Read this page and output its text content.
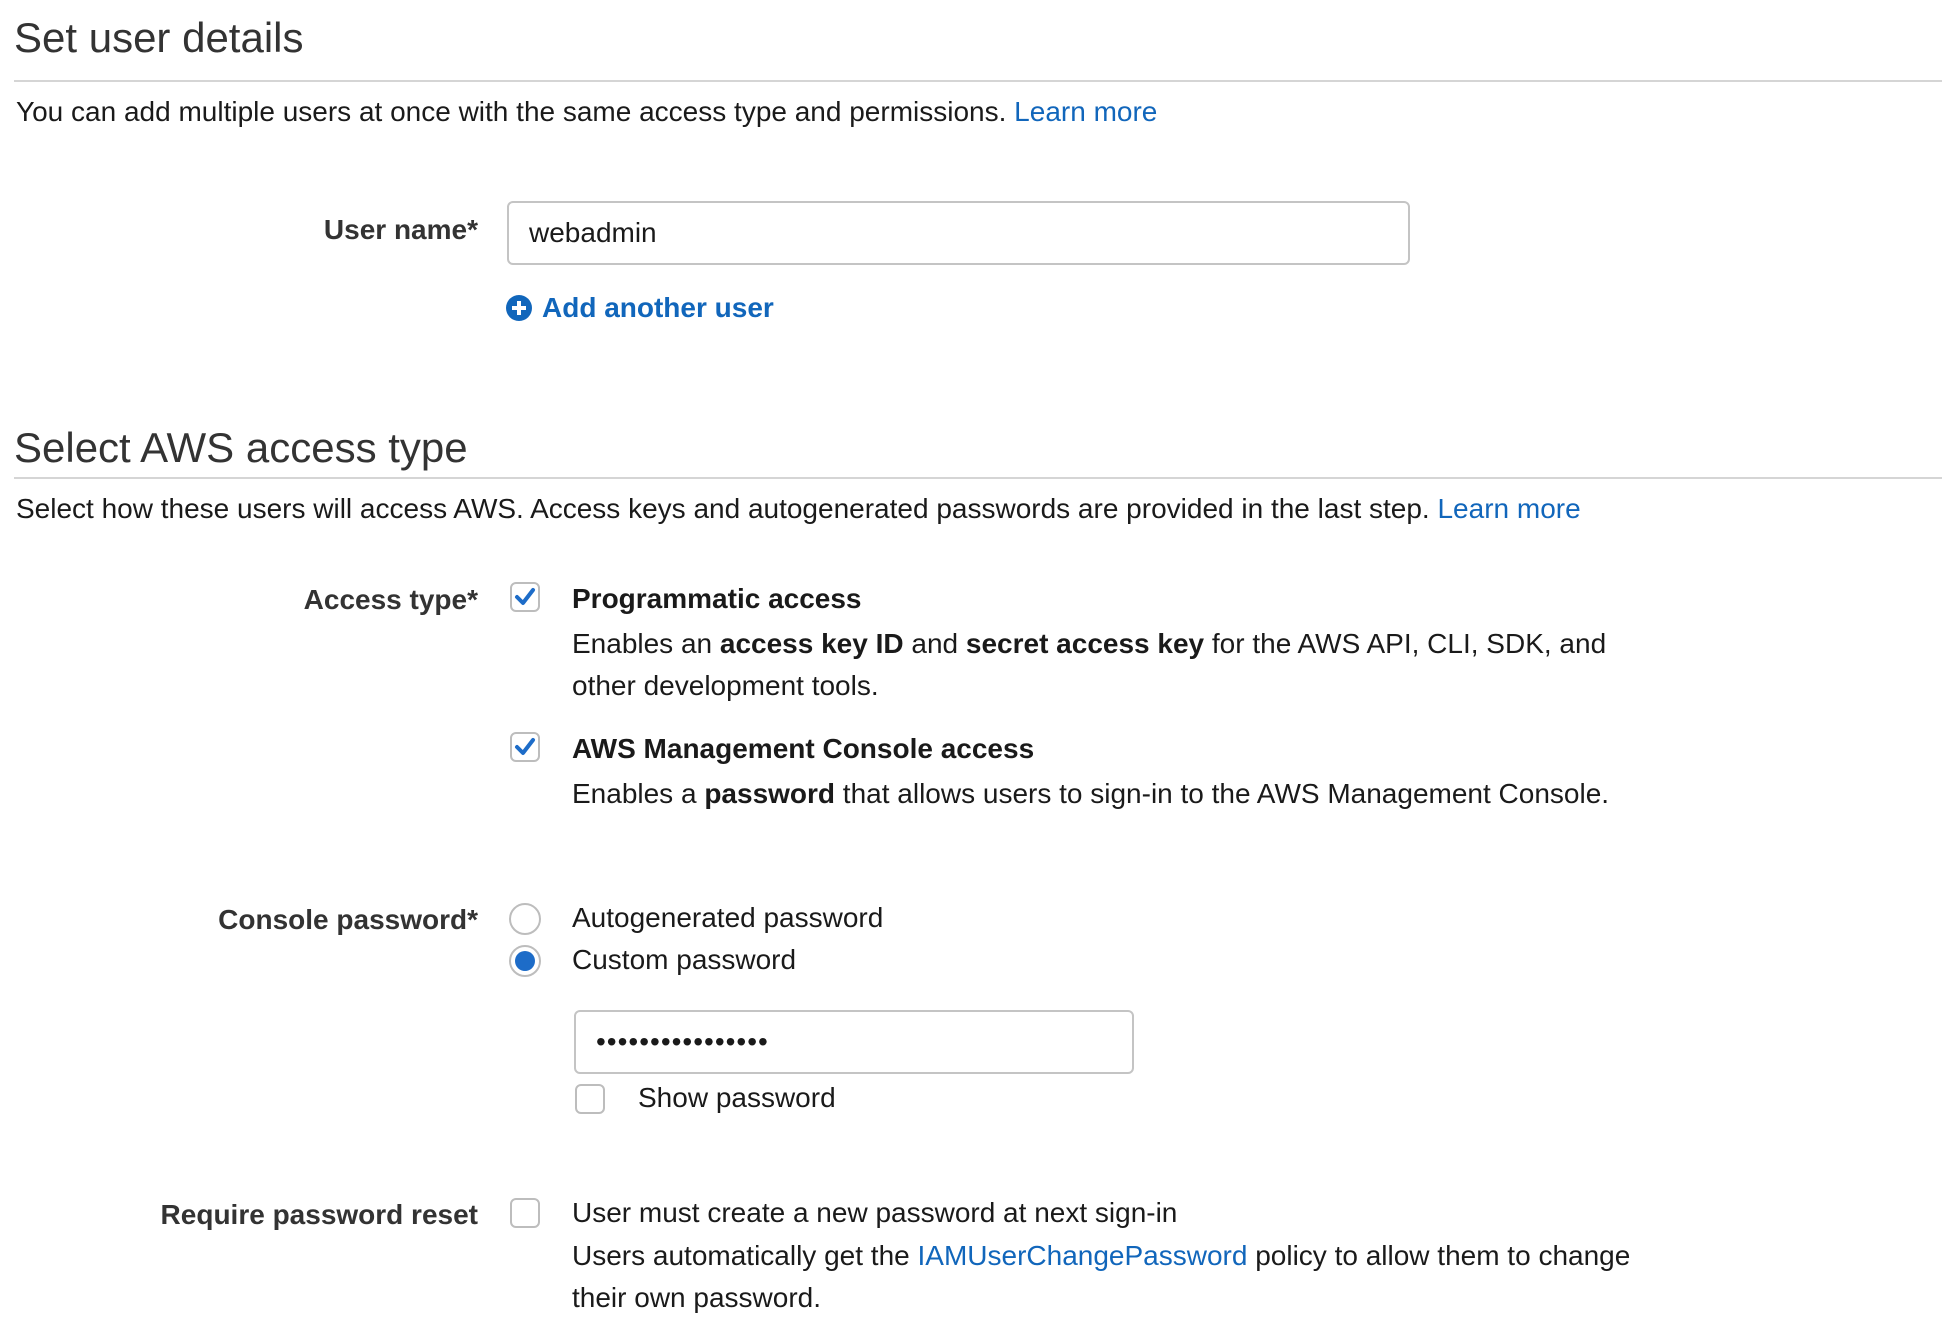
Set user details
You can add multiple users at once with the same access type and permissions. Learn more
User name* webadmin
Add another user
Select AWS access type
Select how these users will access AWS. Access keys and autogenerated passwords are provided in the last step. Learn more
Access type*	Programmatic access
Enables an access key ID and secret access key for the AWS API, CLI, SDK, and other development tools.
AWS Management Console access
Enables a password that allows users to sign-in to the AWS Management Console.
Console password*	Autogenerated password
Custom password
••••••••••••••••
Show password
Require password reset	User must create a new password at next sign-in
Users automatically get the IAMUserChangePassword policy to allow them to change their own password.
